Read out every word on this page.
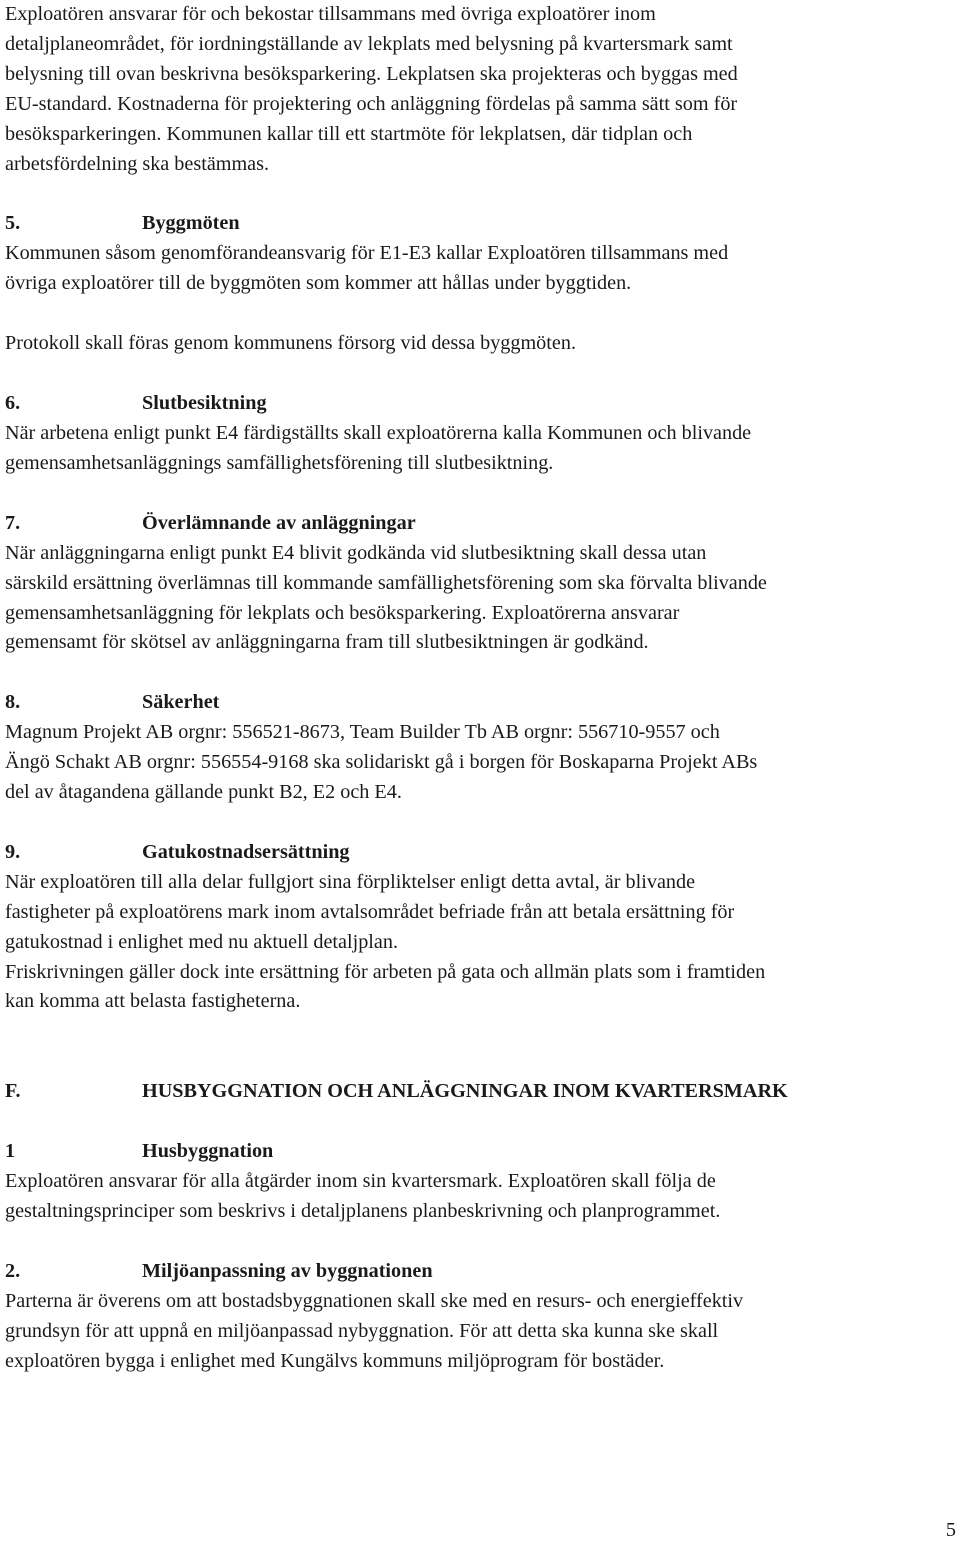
Exploatören ansvarar för och bekostar tillsammans med övriga exploatörer inom
detaljplaneområdet, för iordningställande av lekplats med belysning på kvartersmark samt
belysning till ovan beskrivna besöksparkering. Lekplatsen ska projekteras och byggas med
EU-standard. Kostnaderna för projektering och anläggning fördelas på samma sätt som för
besöksparkeringen. Kommunen kallar till ett startmöte för lekplatsen, där tidplan och
arbetsfördelning ska bestämmas.
5.	Byggmöten
Kommunen såsom genomförandeansvarig för E1-E3 kallar Exploatören tillsammans med
övriga exploatörer till de byggmöten som kommer att hållas under byggtiden.
Protokoll skall föras genom kommunens försorg vid dessa byggmöten.
6.	Slutbesiktning
När arbetena enligt punkt E4 färdigställts skall exploatörerna kalla Kommunen och blivande
gemensamhetsanläggnings samfällighetsförening till slutbesiktning.
7.	Överlämnande av anläggningar
När anläggningarna enligt punkt E4 blivit godkända vid slutbesiktning skall dessa utan
särskild ersättning överlämnas till kommande samfällighetsförening som ska förvalta blivande
gemensamhetsanläggning för lekplats och besöksparkering. Exploatörerna ansvarar
gemensamt för skötsel av anläggningarna fram till slutbesiktningen är godkänd.
8.	Säkerhet
Magnum Projekt AB orgnr: 556521-8673, Team Builder Tb AB orgnr: 556710-9557 och
Ängö Schakt AB orgnr: 556554-9168 ska solidariskt gå i borgen för Boskaparna Projekt ABs
del av åtagandena gällande punkt B2, E2 och E4.
9.	Gatukostnadsersättning
När exploatören till alla delar fullgjort sina förpliktelser enligt detta avtal, är blivande
fastigheter på exploatörens mark inom avtalsområdet befriade från att betala ersättning för
gatukostnad i enlighet med nu aktuell detaljplan.
Friskrivningen gäller dock inte ersättning för arbeten på gata och allmän plats som i framtiden
kan komma att belasta fastigheterna.
F.	HUSBYGGNATION OCH ANLÄGGNINGAR INOM KVARTERSMARK
1	Husbyggnation
Exploatören ansvarar för alla åtgärder inom sin kvartersmark. Exploatören skall följa de
gestaltningsprinciper som beskrivs i detaljplanens planbeskrivning och planprogrammet.
2.	Miljöanpassning av byggnationen
Parterna är överens om att bostadsbyggnationen skall ske med en resurs- och energieffektiv
grundsyn för att uppnå en miljöanpassad nybyggnation. För att detta ska kunna ske skall
exploatören bygga i enlighet med Kungälvs kommuns miljöprogram för bostäder.
5
